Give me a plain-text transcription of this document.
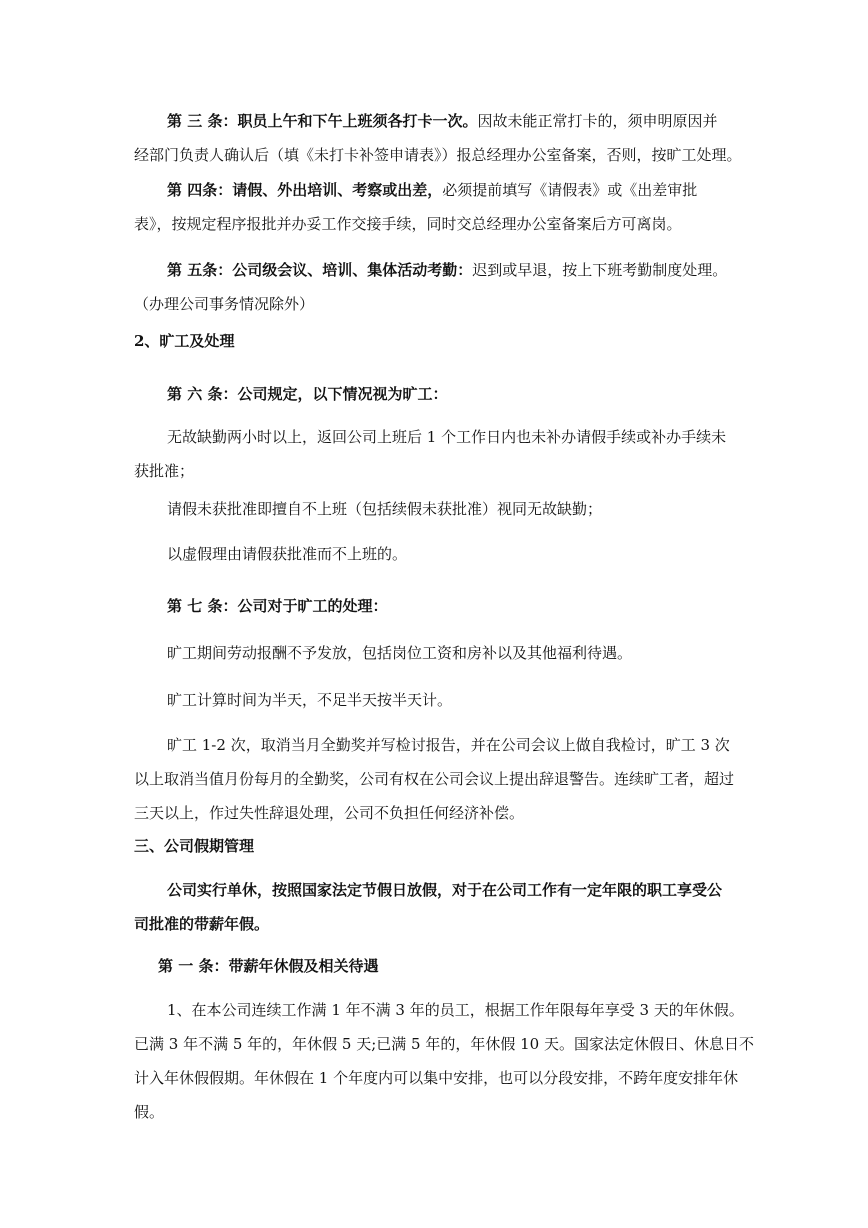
第 三 条：职员上午和下午上班须各打卡一次。因故未能正常打卡的，须申明原因并
经部门负责人确认后（填《未打卡补签申请表》）报总经理办公室备案，否则，按旷工处理。
第 四条：请假、外出培训、考察或出差，必须提前填写《请假表》或《出差审批
表》，按规定程序报批并办妥工作交接手续，同时交总经理办公室备案后方可离岗。
第 五条：公司级会议、培训、集体活动考勤：迟到或早退，按上下班考勤制度处理。
（办理公司事务情况除外）
2、旷工及处理
第 六 条：公司规定，以下情况视为旷工：
无故缺勤两小时以上，返回公司上班后 1 个工作日内也未补办请假手续或补办手续未
获批准；
请假未获批准即擅自不上班（包括续假未获批准）视同无故缺勤；
以虚假理由请假获批准而不上班的。
第 七 条：公司对于旷工的处理：
旷工期间劳动报酬不予发放，包括岗位工资和房补以及其他福利待遇。
旷工计算时间为半天，不足半天按半天计。
旷工 1-2 次，取消当月全勤奖并写检讨报告，并在公司会议上做自我检讨，旷工 3 次
以上取消当值月份每月的全勤奖，公司有权在公司会议上提出辞退警告。连续旷工者，超过
三天以上，作过失性辞退处理，公司不负担任何经济补偿。
三、公司假期管理
公司实行单休，按照国家法定节假日放假，对于在公司工作有一定年限的职工享受公
司批准的带薪年假。
第 一 条：带薪年休假及相关待遇
1、在本公司连续工作满 1 年不满 3 年的员工，根据工作年限每年享受 3 天的年休假。
已满 3 年不满 5 年的，年休假 5 天;已满 5 年的，年休假 10 天。国家法定休假日、休息日不
计入年休假假期。年休假在 1 个年度内可以集中安排，也可以分段安排，不跨年度安排年休
假。
